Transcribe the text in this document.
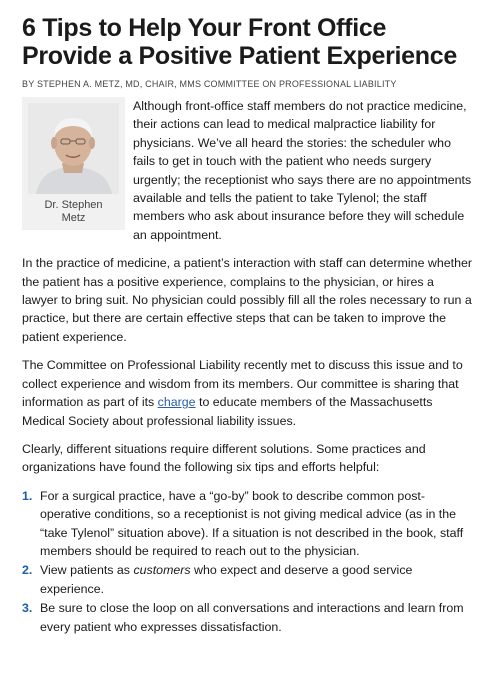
6 Tips to Help Your Front Office Provide a Positive Patient Experience
BY STEPHEN A. METZ, MD, CHAIR, MMS COMMITTEE ON PROFESSIONAL LIABILITY
Dr. Stephen
Metz

Although front-office staff members do not practice medicine, their actions can lead to medical malpractice liability for physicians. We’ve all heard the stories: the scheduler who fails to get in touch with the patient who needs surgery urgently; the receptionist who says there are no appointments available and tells the patient to take Tylenol; the staff members who ask about insurance before they will schedule an appointment.

In the practice of medicine, a patient’s interaction with staff can determine whether the patient has a positive experience, complains to the physician, or hires a lawyer to bring suit. No physician could possibly fill all the roles necessary to run a practice, but there are certain effective steps that can be taken to improve the patient experience.

The Committee on Professional Liability recently met to discuss this issue and to collect experience and wisdom from its members. Our committee is sharing that information as part of its charge to educate members of the Massachusetts Medical Society about professional liability issues.

Clearly, different situations require different solutions. Some practices and organizations have found the following six tips and efforts helpful:

1. For a surgical practice, have a “go-by” book to describe common post-operative conditions, so a receptionist is not giving medical advice (as in the “take Tylenol” situation above). If a situation is not described in the book, staff members should be required to reach out to the physician.
2. View patients as customers who expect and deserve a good service experience.
3. Be sure to close the loop on all conversations and interactions and learn from every patient who expresses dissatisfaction.
